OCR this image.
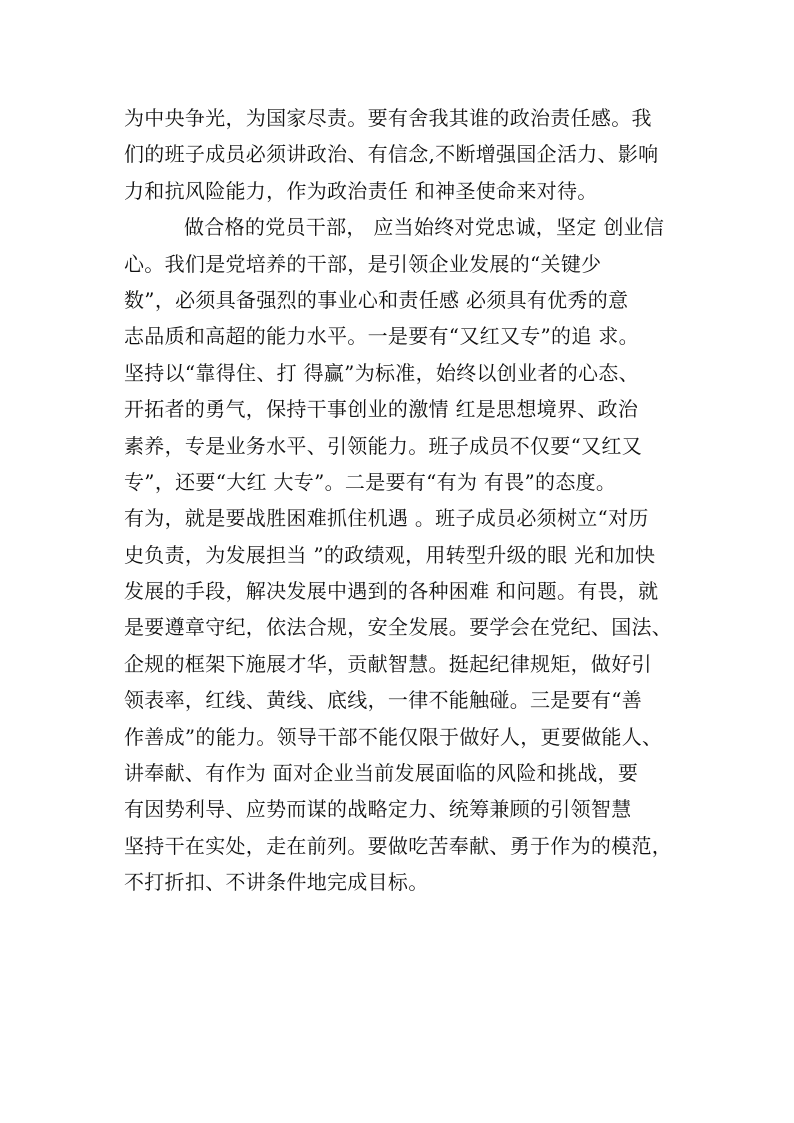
为中央争光，为国家尽责。要有舍我其谁的政治责任感。我
们的班子成员必须讲政治、有信念,不断增强国企活力、影响
力和抗风险能力，作为政治责任 和神圣使命来对待。
做合格的党员干部， 应当始终对党忠诚，坚定 创业信
心。我们是党培养的干部，是引领企业发展的“关键少
数”，必须具备强烈的事业心和责任感 必须具有优秀的意
志品质和高超的能力水平。一是要有“又红又专”的追 求。
坚持以“靠得住、打 得赢”为标准，始终以创业者的心态、
开拓者的勇气，保持干事创业的激情 红是思想境界、政治
素养，专是业务水平、引领能力。班子成员不仅要“又红又
专”，还要“大红 大专”。二是要有“有为 有畏”的态度。
有为，就是要战胜困难抓住机遇 。班子成员必须树立“对历
史负责，为发展担当 ”的政绩观，用转型升级的眼 光和加快
发展的手段，解决发展中遇到的各种困难 和问题。有畏，就
是要遵章守纪，依法合规，安全发展。要学会在党纪、国法、
企规的框架下施展才华，贡献智慧。挺起纪律规矩，做好引
领表率，红线、黄线、底线，一律不能触碰。三是要有“善
作善成”的能力。领导干部不能仅限于做好人，更要做能人、
讲奉献、有作为 面对企业当前发展面临的风险和挑战，要
有因势利导、应势而谋的战略定力、统筹兼顾的引领智慧
坚持干在实处，走在前列。要做吃苦奉献、勇于作为的模范，
不打折扣、不讲条件地完成目标。
